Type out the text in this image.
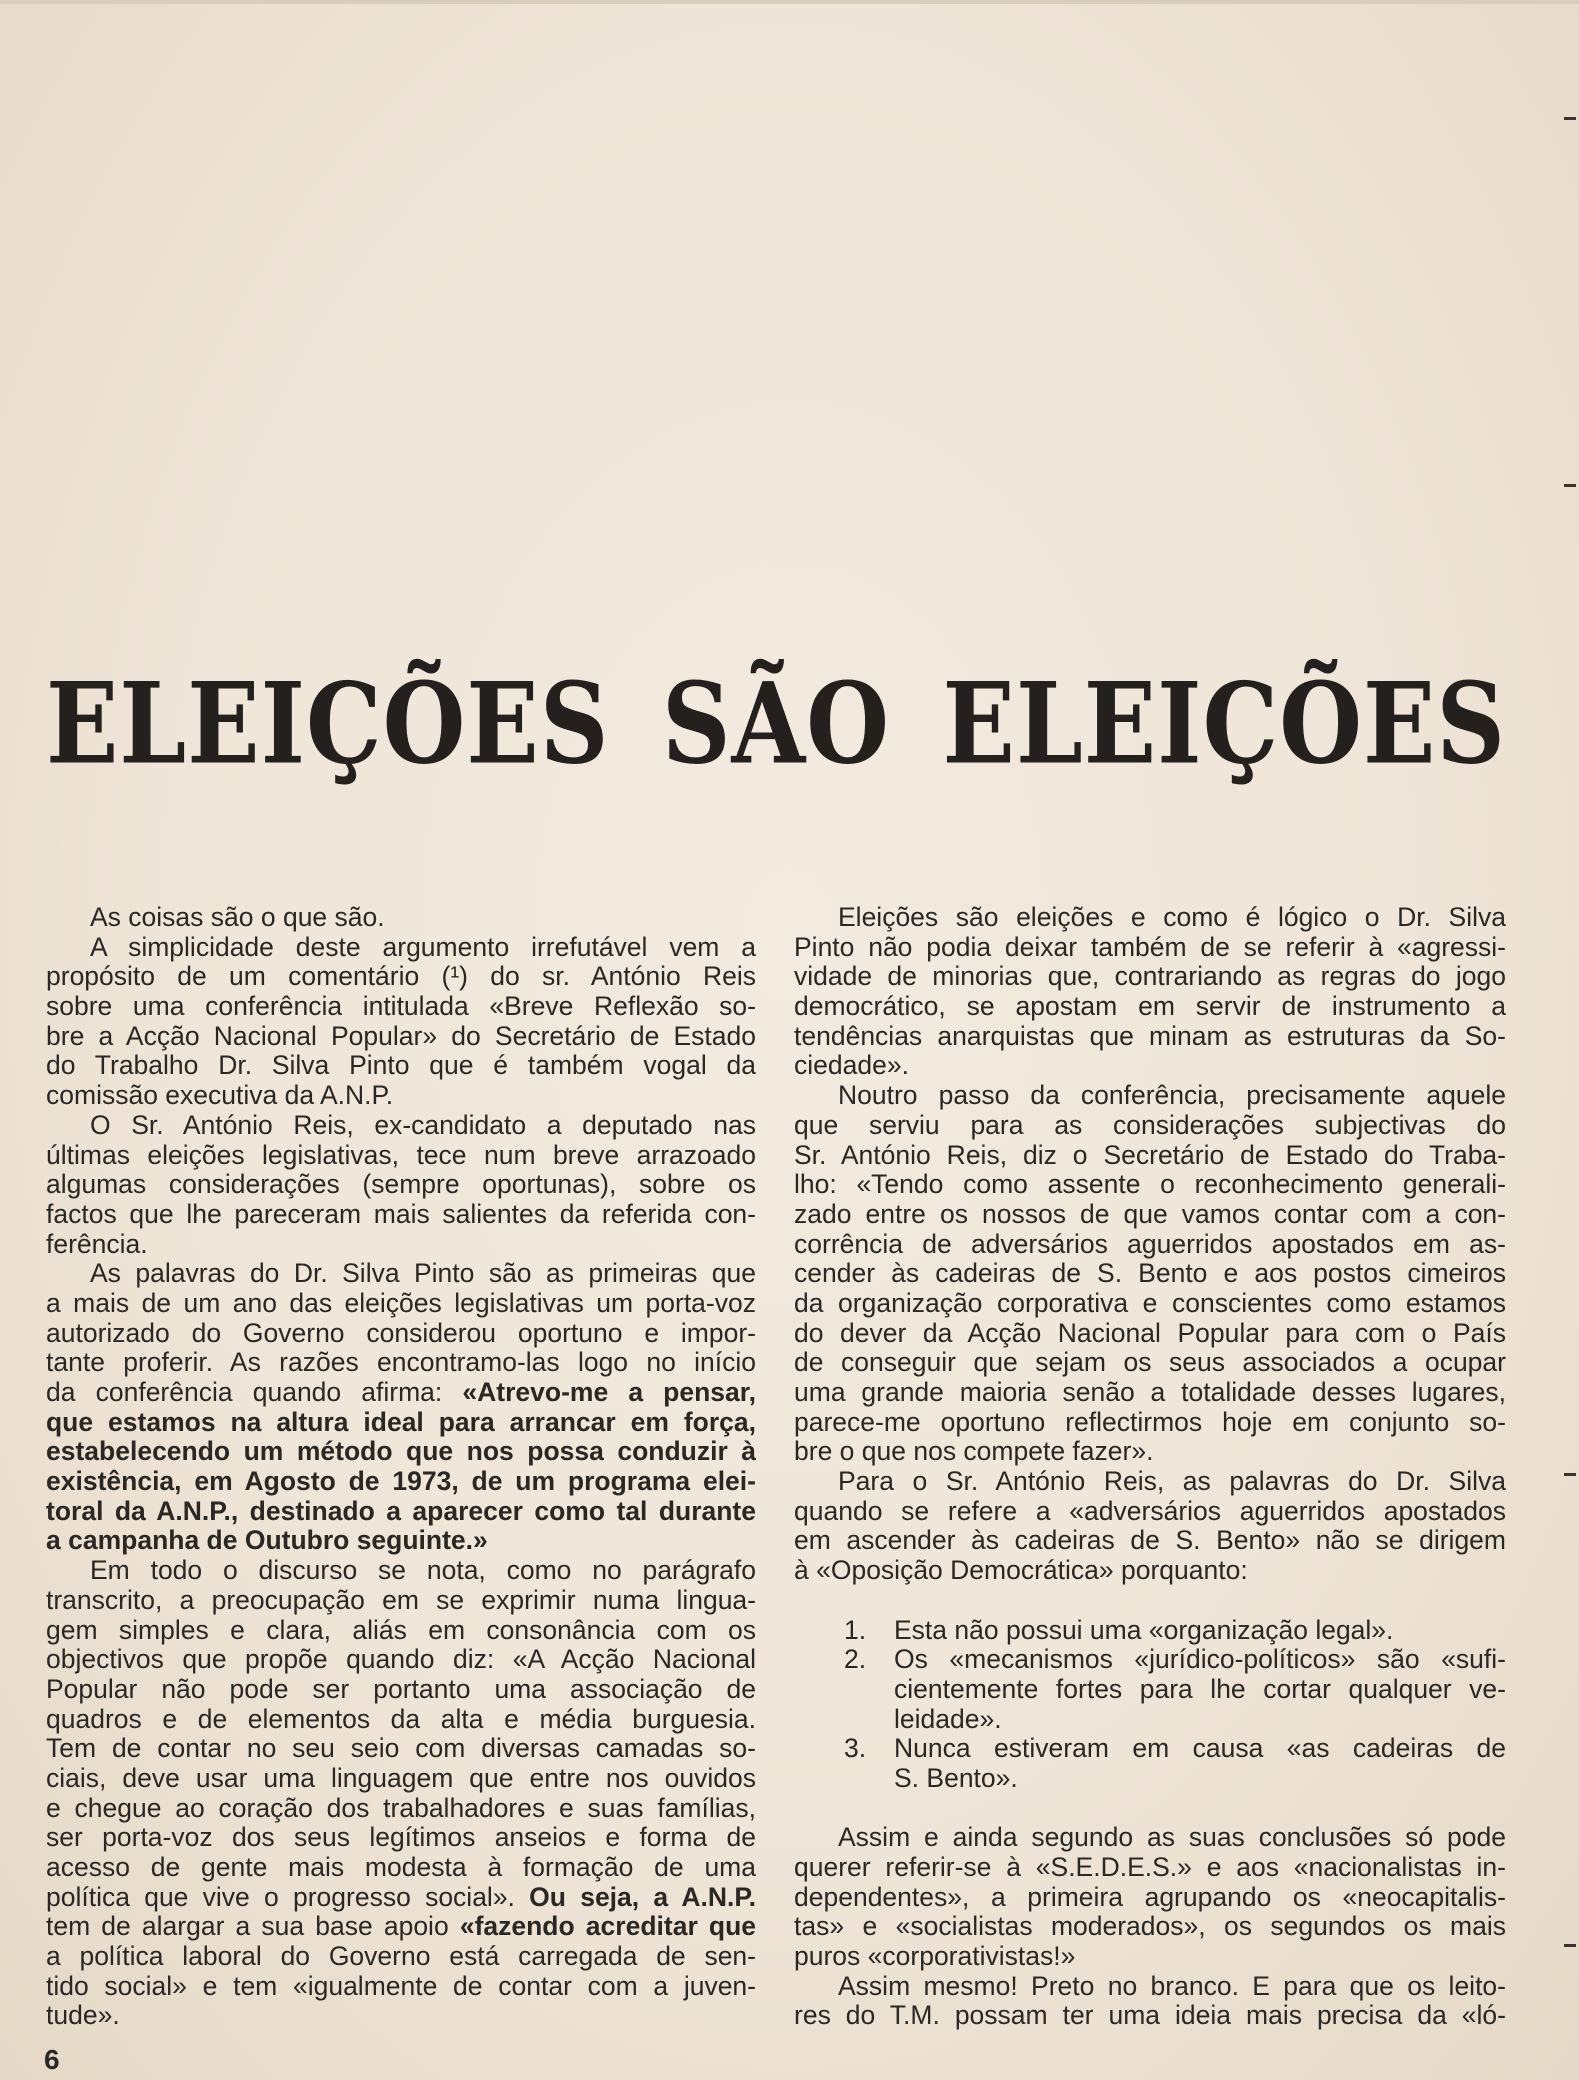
ELEIÇÕES SÃO ELEIÇÕES
As coisas são o que são.
A simplicidade deste argumento irrefutável vem a
propósito de um comentário (¹) do sr. António Reis
sobre uma conferência intitulada «Breve Reflexão so-
bre a Acção Nacional Popular» do Secretário de Estado
do Trabalho Dr. Silva Pinto que é também vogal da
comissão executiva da A.N.P.
O Sr. António Reis, ex-candidato a deputado nas
últimas eleições legislativas, tece num breve arrazoado
algumas considerações (sempre oportunas), sobre os
factos que lhe pareceram mais salientes da referida con-
ferência.
As palavras do Dr. Silva Pinto são as primeiras que
a mais de um ano das eleições legislativas um porta-voz
autorizado do Governo considerou oportuno e impor-
tante proferir. As razões encontramo-las logo no início
da conferência quando afirma: «Atrevo-me a pensar,
que estamos na altura ideal para arrancar em força,
estabelecendo um método que nos possa conduzir à
existência, em Agosto de 1973, de um programa elei-
toral da A.N.P., destinado a aparecer como tal durante
a campanha de Outubro seguinte.»
Em todo o discurso se nota, como no parágrafo
transcrito, a preocupação em se exprimir numa lingua-
gem simples e clara, aliás em consonância com os
objectivos que propõe quando diz: «A Acção Nacional
Popular não pode ser portanto uma associação de
quadros e de elementos da alta e média burguesia.
Tem de contar no seu seio com diversas camadas so-
ciais, deve usar uma linguagem que entre nos ouvidos
e chegue ao coração dos trabalhadores e suas famílias,
ser porta-voz dos seus legítimos anseios e forma de
acesso de gente mais modesta à formação de uma
política que vive o progresso social». Ou seja, a A.N.P.
tem de alargar a sua base apoio «fazendo acreditar que
a política laboral do Governo está carregada de sen-
tido social» e tem «igualmente de contar com a juven-
tude».
Eleições são eleições e como é lógico o Dr. Silva
Pinto não podia deixar também de se referir à «agressi-
vidade de minorias que, contrariando as regras do jogo
democrático, se apostam em servir de instrumento a
tendências anarquistas que minam as estruturas da So-
ciedade».
Noutro passo da conferência, precisamente aquele
que serviu para as considerações subjectivas do
Sr. António Reis, diz o Secretário de Estado do Traba-
lho: «Tendo como assente o reconhecimento generali-
zado entre os nossos de que vamos contar com a con-
corrência de adversários aguerridos apostados em as-
cender às cadeiras de S. Bento e aos postos cimeiros
da organização corporativa e conscientes como estamos
do dever da Acção Nacional Popular para com o País
de conseguir que sejam os seus associados a ocupar
uma grande maioria senão a totalidade desses lugares,
parece-me oportuno reflectirmos hoje em conjunto so-
bre o que nos compete fazer».
Para o Sr. António Reis, as palavras do Dr. Silva
quando se refere a «adversários aguerridos apostados
em ascender às cadeiras de S. Bento» não se dirigem
à «Oposição Democrática» porquanto:
1. Esta não possui uma «organização legal».
2. Os «mecanismos «jurídico-políticos» são «sufi-
cientemente fortes para lhe cortar qualquer ve-
leidade».
3. Nunca estiveram em causa «as cadeiras de
S. Bento».
Assim e ainda segundo as suas conclusões só pode
querer referir-se à «S.E.D.E.S.» e aos «nacionalistas in-
dependentes», a primeira agrupando os «neocapitalis-
tas» e «socialistas moderados», os segundos os mais
puros «corporativistas!»
Assim mesmo! Preto no branco. E para que os leito-
res do T.M. possam ter uma ideia mais precisa da «ló-
6
